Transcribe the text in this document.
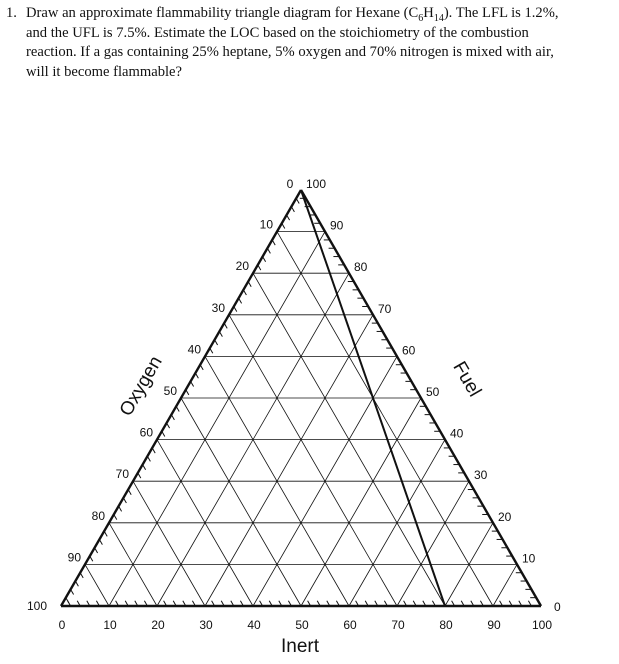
1. Draw an approximate flammability triangle diagram for Hexane $(C_6H_{14})$. The LFL is 1.2%,
and the UFL is 7.5%. Estimate the LOC based on the stoichiometry of the combustion
reaction. If a gas containing 25% heptane, 5% oxygen and 70% nitrogen is mixed with air,
will it become flammable?
0 100
0
10	90
10
20	80
20
30	70
30
40	60
40
50	50
50
60	40
60
70	30
70
80	20
80
90	10
90
100	0
100
Oxygen	Fuel
Inert
